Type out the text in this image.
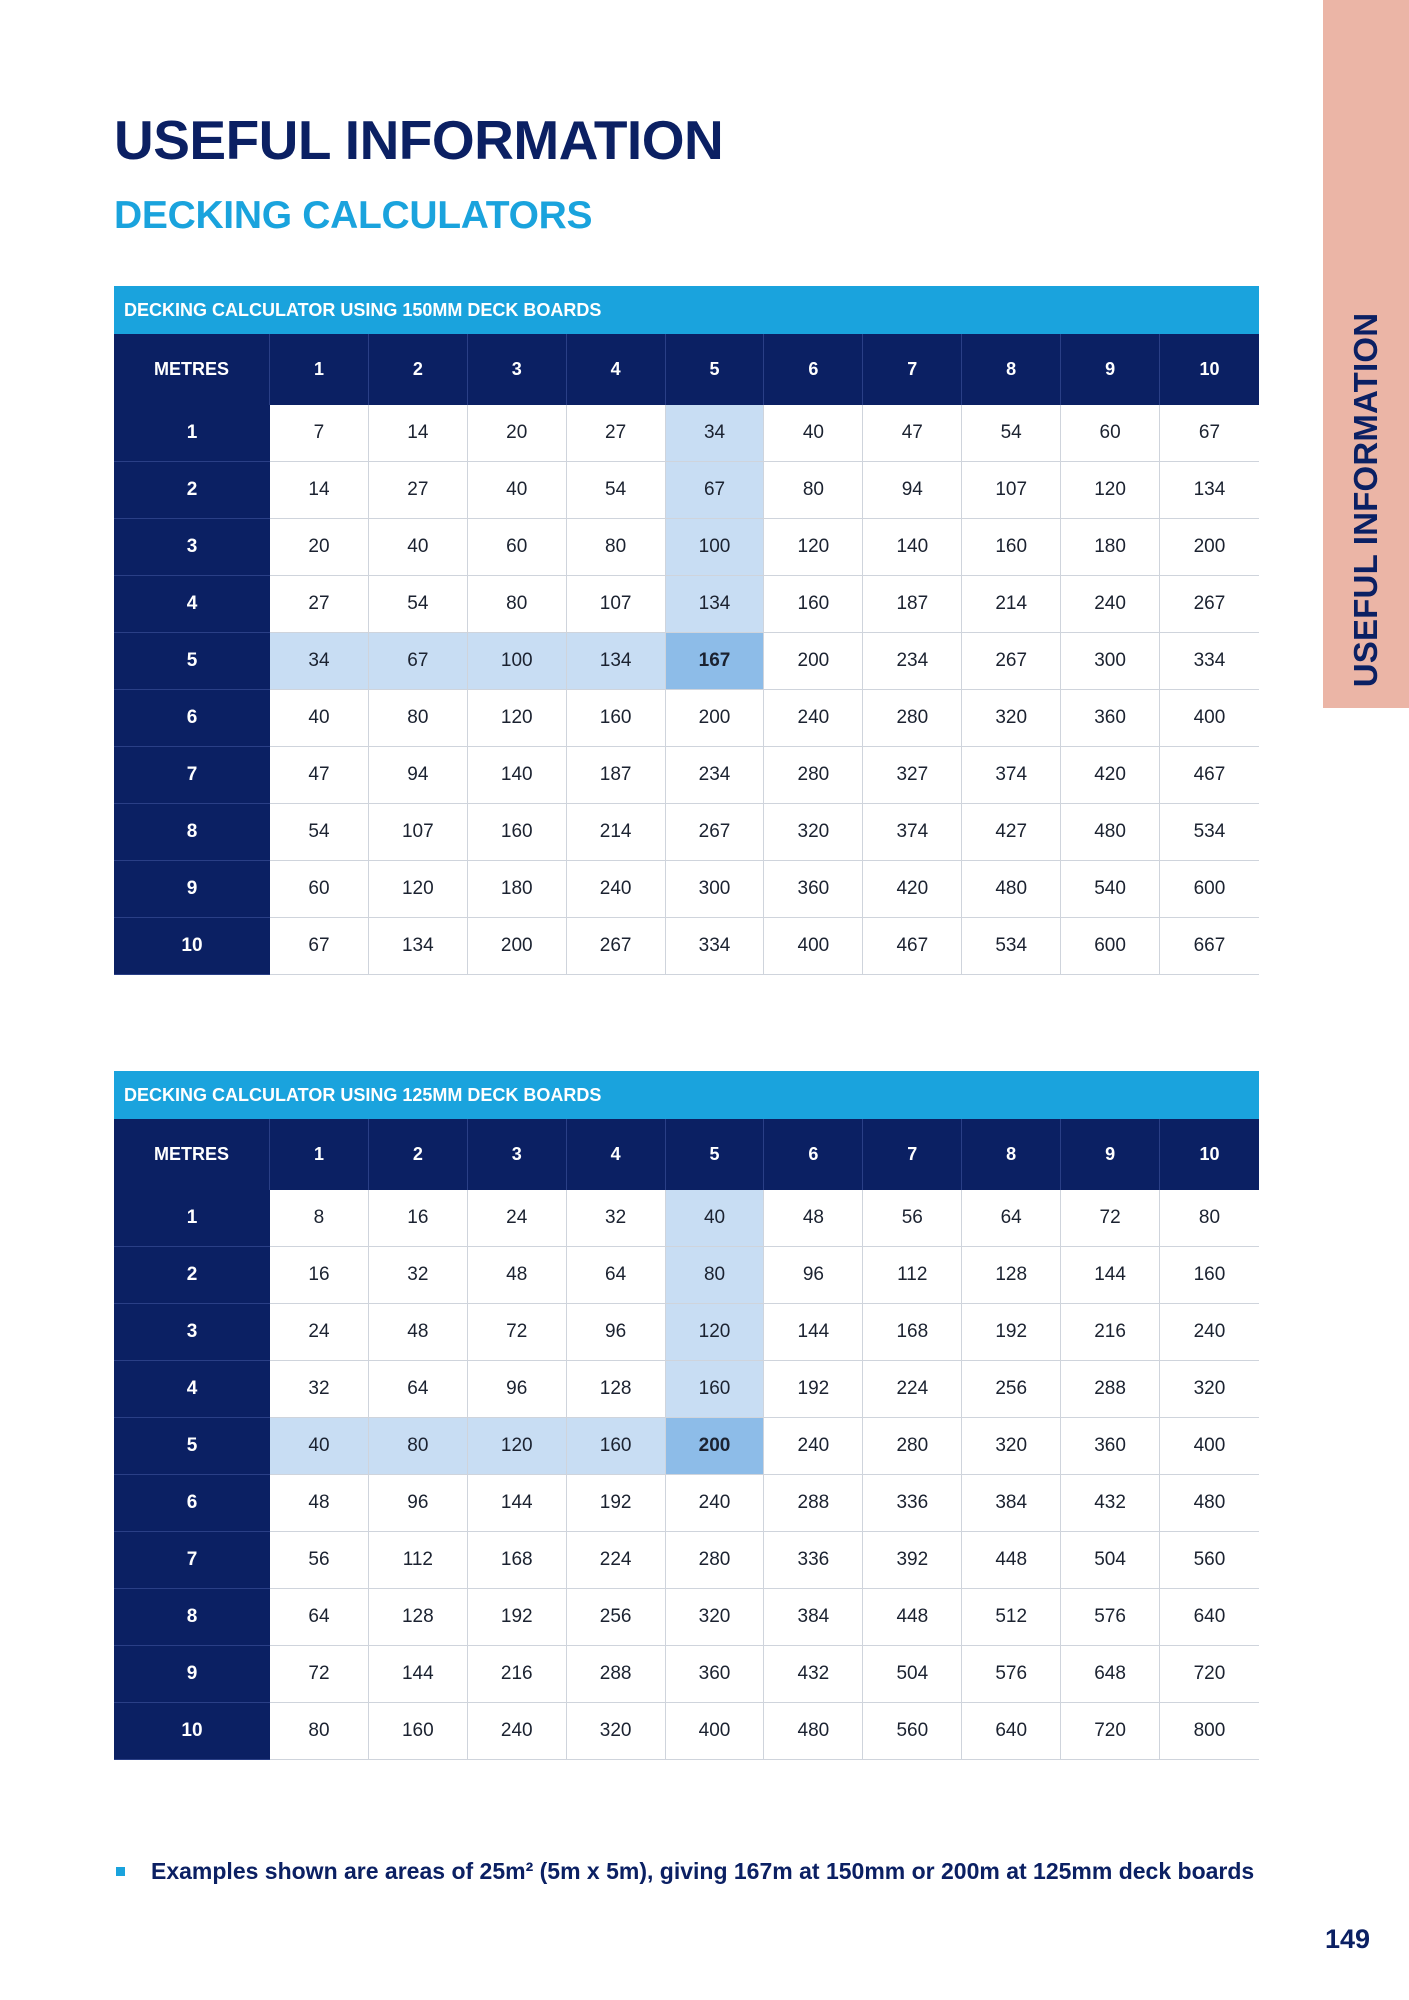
USEFUL INFORMATION
DECKING CALCULATORS
USEFUL INFORMATION
DECKING CALCULATOR USING 150MM DECK BOARDS
METRES	1	2	3	4	5	6	7	8	9	10
1	7	14	20	27	34	40	47	54	60	67
2	14	27	40	54	67	80	94	107	120	134
3	20	40	60	80	100	120	140	160	180	200
4	27	54	80	107	134	160	187	214	240	267
5	34	67	100	134	167	200	234	267	300	334
6	40	80	120	160	200	240	280	320	360	400
7	47	94	140	187	234	280	327	374	420	467
8	54	107	160	214	267	320	374	427	480	534
9	60	120	180	240	300	360	420	480	540	600
10	67	134	200	267	334	400	467	534	600	667
DECKING CALCULATOR USING 125MM DECK BOARDS
METRES	1	2	3	4	5	6	7	8	9	10
1	8	16	24	32	40	48	56	64	72	80
2	16	32	48	64	80	96	112	128	144	160
3	24	48	72	96	120	144	168	192	216	240
4	32	64	96	128	160	192	224	256	288	320
5	40	80	120	160	200	240	280	320	360	400
6	48	96	144	192	240	288	336	384	432	480
7	56	112	168	224	280	336	392	448	504	560
8	64	128	192	256	320	384	448	512	576	640
9	72	144	216	288	360	432	504	576	648	720
10	80	160	240	320	400	480	560	640	720	800
Examples shown are areas of 25m² (5m x 5m), giving 167m at 150mm or 200m at 125mm deck boards
149
